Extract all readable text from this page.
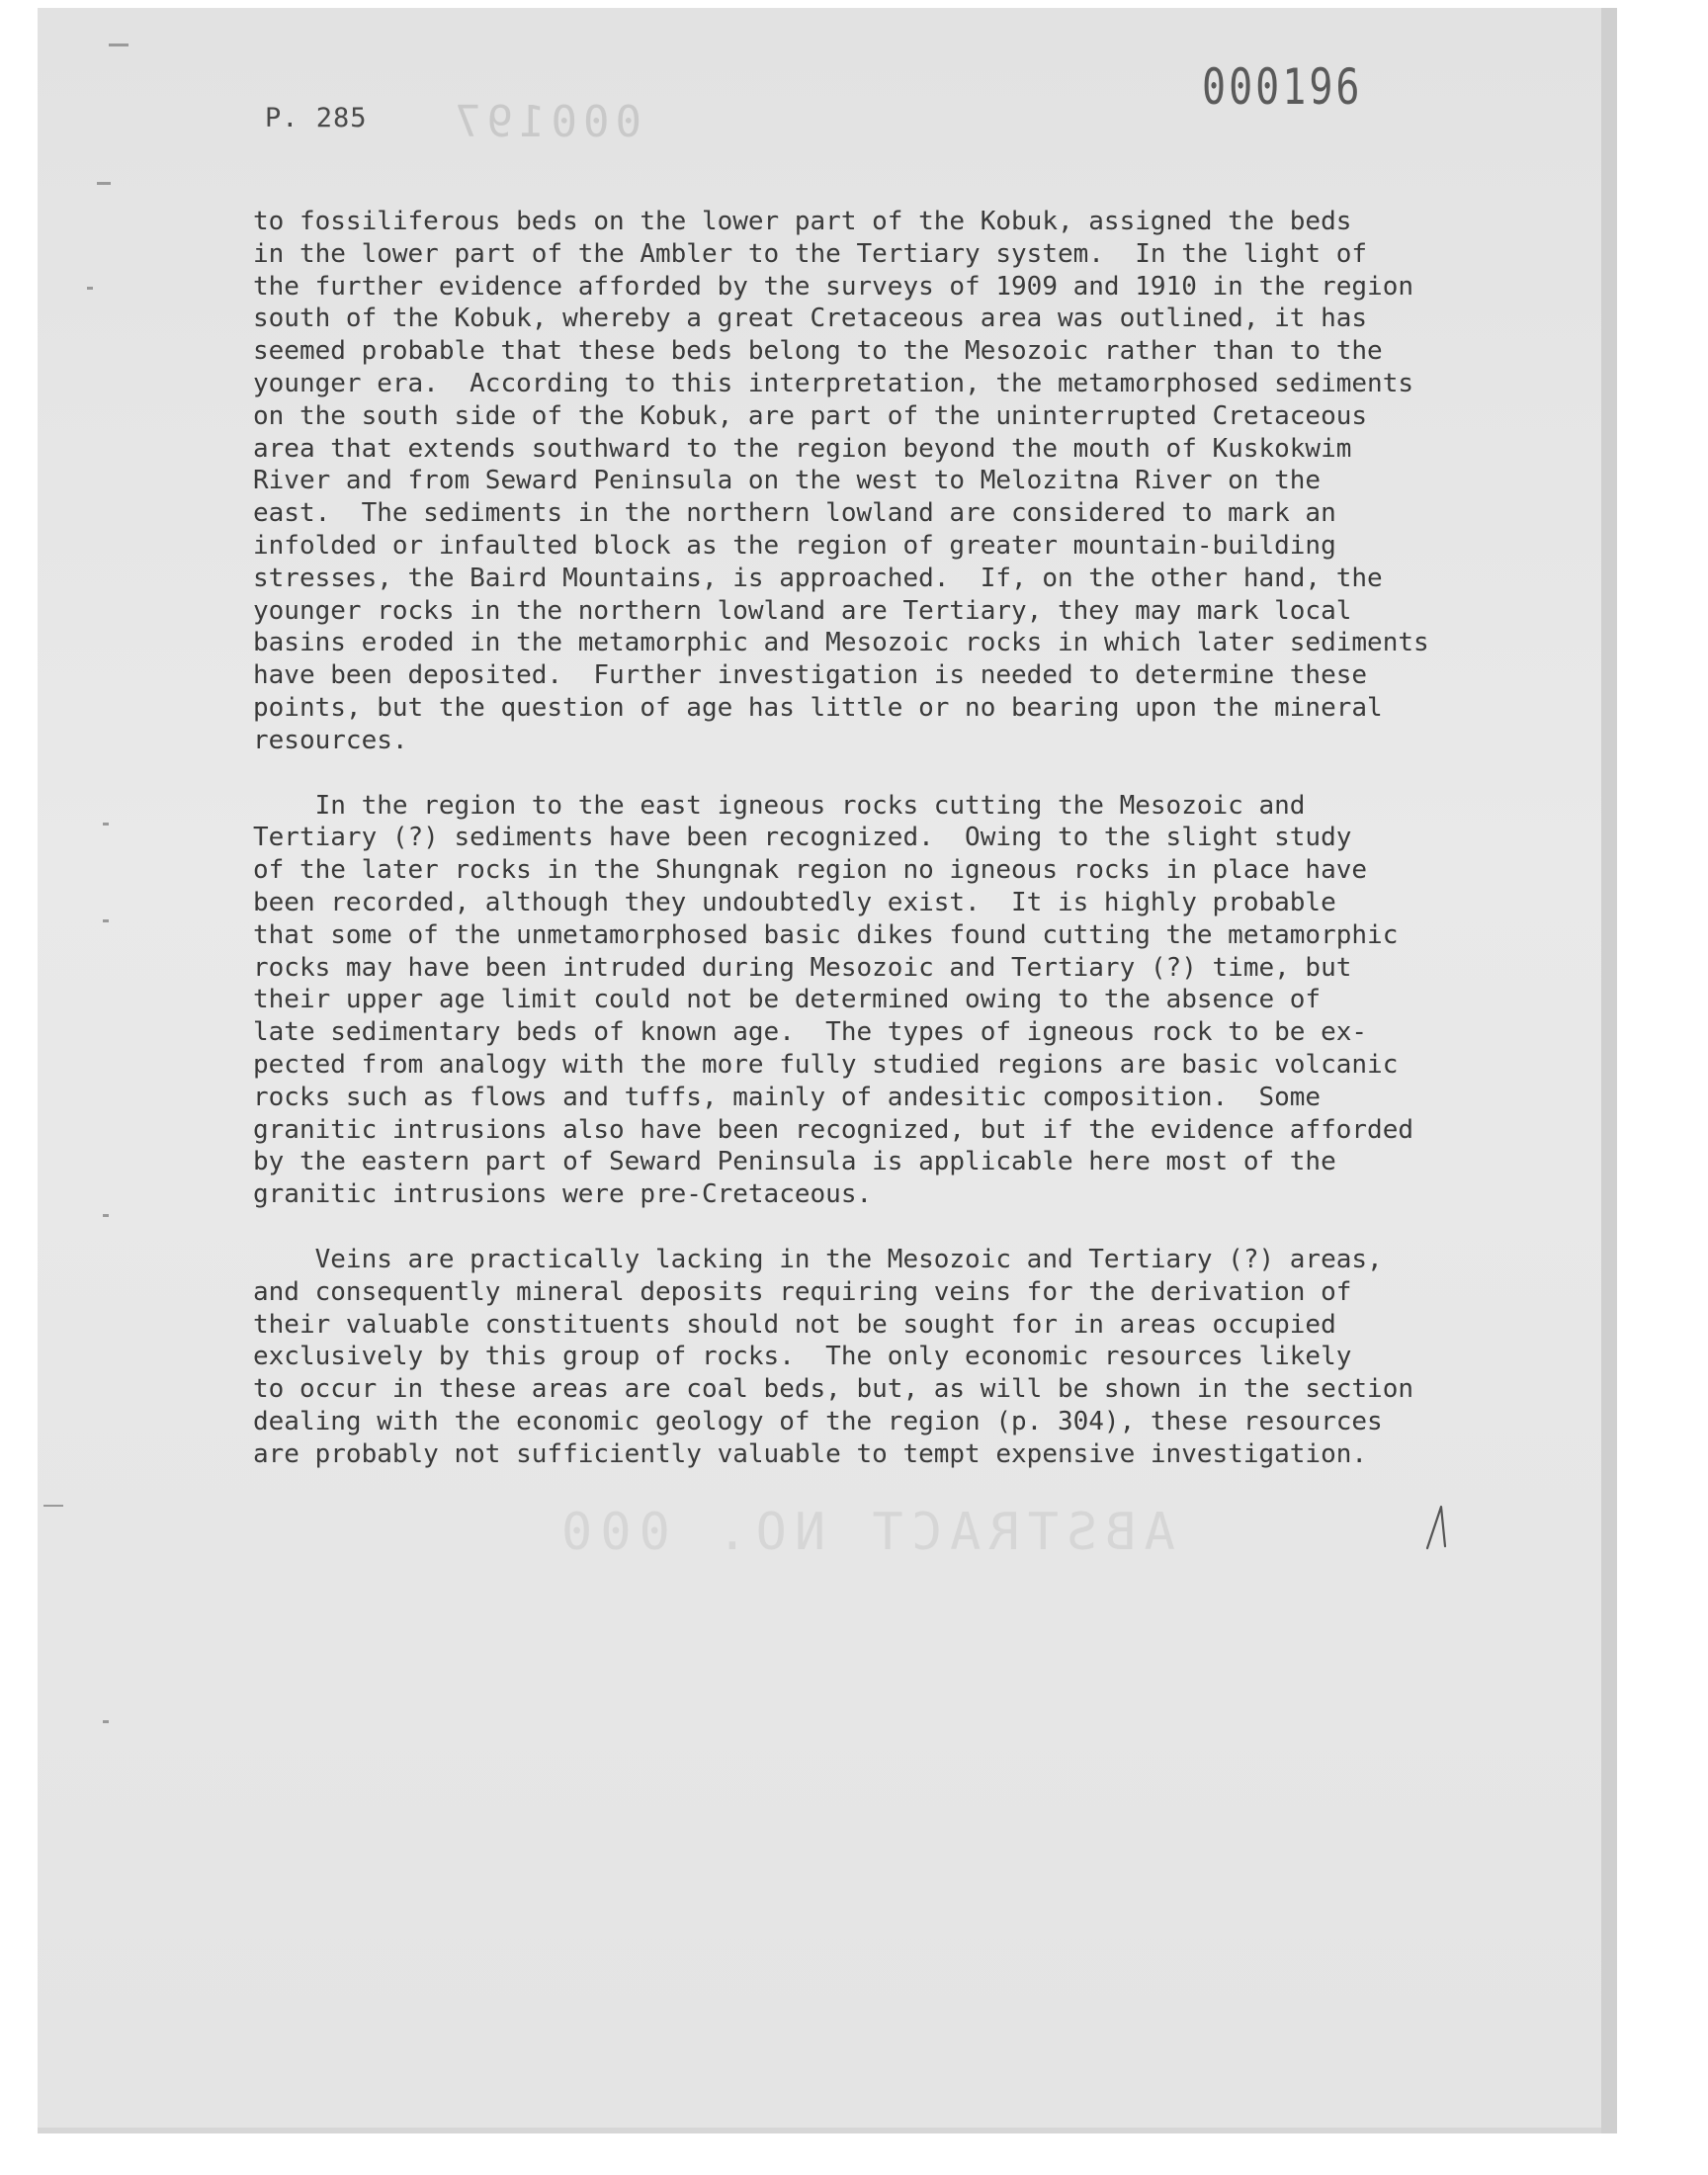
000197
ABSTRACT NO. 000
P. 285
000196
to fossiliferous beds on the lower part of the Kobuk, assigned the beds
in the lower part of the Ambler to the Tertiary system.  In the light of
the further evidence afforded by the surveys of 1909 and 1910 in the region
south of the Kobuk, whereby a great Cretaceous area was outlined, it has
seemed probable that these beds belong to the Mesozoic rather than to the
younger era.  According to this interpretation, the metamorphosed sediments
on the south side of the Kobuk, are part of the uninterrupted Cretaceous
area that extends southward to the region beyond the mouth of Kuskokwim
River and from Seward Peninsula on the west to Melozitna River on the
east.  The sediments in the northern lowland are considered to mark an
infolded or infaulted block as the region of greater mountain-building
stresses, the Baird Mountains, is approached.  If, on the other hand, the
younger rocks in the northern lowland are Tertiary, they may mark local
basins eroded in the metamorphic and Mesozoic rocks in which later sediments
have been deposited.  Further investigation is needed to determine these
points, but the question of age has little or no bearing upon the mineral
resources.
In the region to the east igneous rocks cutting the Mesozoic and
Tertiary (?) sediments have been recognized.  Owing to the slight study
of the later rocks in the Shungnak region no igneous rocks in place have
been recorded, although they undoubtedly exist.  It is highly probable
that some of the unmetamorphosed basic dikes found cutting the metamorphic
rocks may have been intruded during Mesozoic and Tertiary (?) time, but
their upper age limit could not be determined owing to the absence of
late sedimentary beds of known age.  The types of igneous rock to be ex-
pected from analogy with the more fully studied regions are basic volcanic
rocks such as flows and tuffs, mainly of andesitic composition.  Some
granitic intrusions also have been recognized, but if the evidence afforded
by the eastern part of Seward Peninsula is applicable here most of the
granitic intrusions were pre-Cretaceous.
Veins are practically lacking in the Mesozoic and Tertiary (?) areas,
and consequently mineral deposits requiring veins for the derivation of
their valuable constituents should not be sought for in areas occupied
exclusively by this group of rocks.  The only economic resources likely
to occur in these areas are coal beds, but, as will be shown in the section
dealing with the economic geology of the region (p. 304), these resources
are probably not sufficiently valuable to tempt expensive investigation.
